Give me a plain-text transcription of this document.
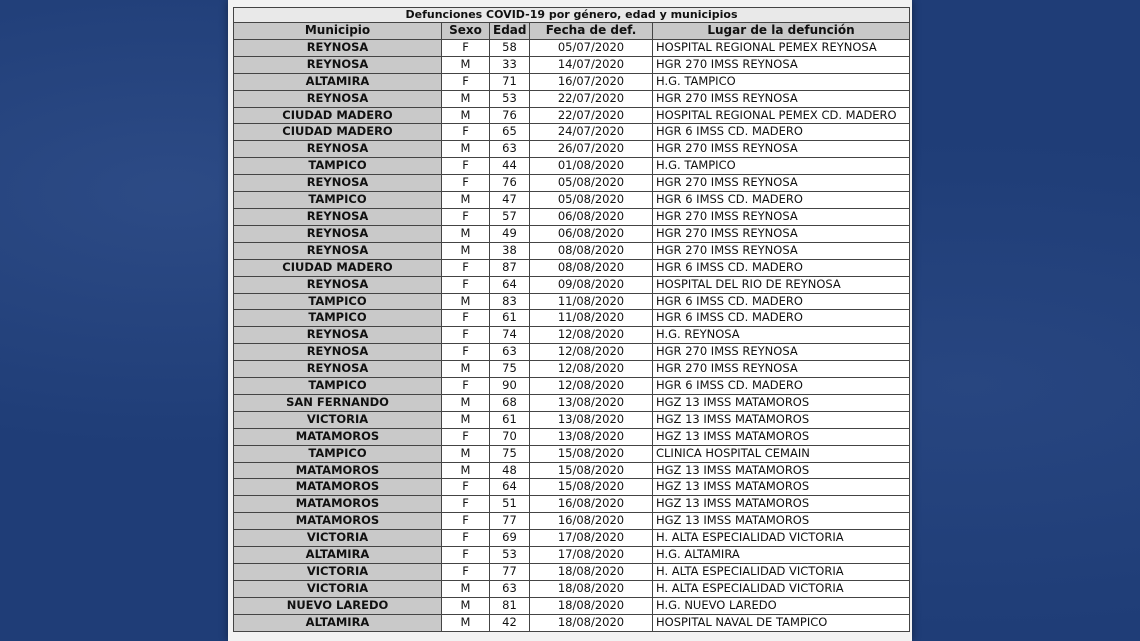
Defunciones COVID-19 por género, edad y municipios				
Municipio	Sexo	Edad	Fecha de def.	Lugar de la defunción
REYNOSA	F	58	05/07/2020	HOSPITAL REGIONAL PEMEX REYNOSA
REYNOSA	M	33	14/07/2020	HGR 270 IMSS REYNOSA
ALTAMIRA	F	71	16/07/2020	H.G. TAMPICO
REYNOSA	M	53	22/07/2020	HGR 270 IMSS REYNOSA
CIUDAD MADERO	M	76	22/07/2020	HOSPITAL REGIONAL PEMEX CD. MADERO
CIUDAD MADERO	F	65	24/07/2020	HGR 6 IMSS CD. MADERO
REYNOSA	M	63	26/07/2020	HGR 270 IMSS REYNOSA
TAMPICO	F	44	01/08/2020	H.G. TAMPICO
REYNOSA	F	76	05/08/2020	HGR 270 IMSS REYNOSA
TAMPICO	M	47	05/08/2020	HGR 6 IMSS CD. MADERO
REYNOSA	F	57	06/08/2020	HGR 270 IMSS REYNOSA
REYNOSA	M	49	06/08/2020	HGR 270 IMSS REYNOSA
REYNOSA	M	38	08/08/2020	HGR 270 IMSS REYNOSA
CIUDAD MADERO	F	87	08/08/2020	HGR 6 IMSS CD. MADERO
REYNOSA	F	64	09/08/2020	HOSPITAL DEL RIO DE REYNOSA
TAMPICO	M	83	11/08/2020	HGR 6 IMSS CD. MADERO
TAMPICO	F	61	11/08/2020	HGR 6 IMSS CD. MADERO
REYNOSA	F	74	12/08/2020	H.G. REYNOSA
REYNOSA	F	63	12/08/2020	HGR 270 IMSS REYNOSA
REYNOSA	M	75	12/08/2020	HGR 270 IMSS REYNOSA
TAMPICO	F	90	12/08/2020	HGR 6 IMSS CD. MADERO
SAN FERNANDO	M	68	13/08/2020	HGZ 13 IMSS MATAMOROS
VICTORIA	M	61	13/08/2020	HGZ 13 IMSS MATAMOROS
MATAMOROS	F	70	13/08/2020	HGZ 13 IMSS MATAMOROS
TAMPICO	M	75	15/08/2020	CLINICA HOSPITAL CEMAIN
MATAMOROS	M	48	15/08/2020	HGZ 13 IMSS MATAMOROS
MATAMOROS	F	64	15/08/2020	HGZ 13 IMSS MATAMOROS
MATAMOROS	F	51	16/08/2020	HGZ 13 IMSS MATAMOROS
MATAMOROS	F	77	16/08/2020	HGZ 13 IMSS MATAMOROS
VICTORIA	F	69	17/08/2020	H. ALTA ESPECIALIDAD VICTORIA
ALTAMIRA	F	53	17/08/2020	H.G. ALTAMIRA
VICTORIA	F	77	18/08/2020	H. ALTA ESPECIALIDAD VICTORIA
VICTORIA	M	63	18/08/2020	H. ALTA ESPECIALIDAD VICTORIA
NUEVO LAREDO	M	81	18/08/2020	H.G. NUEVO LAREDO
ALTAMIRA	M	42	18/08/2020	HOSPITAL NAVAL DE TAMPICO
